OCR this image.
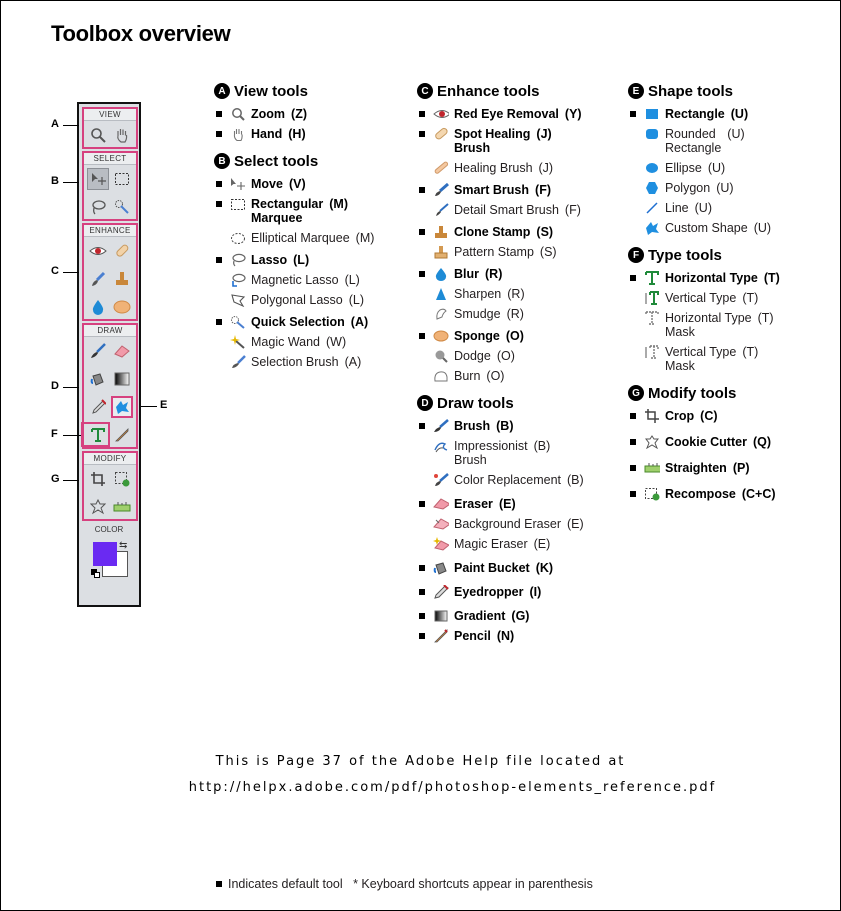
Toolbox overview
VIEW
SELECT
ENHANCE
DRAW
MODIFY
COLOR
⇆
A
B
C
D
E
F
G
A View tools
Zoom (Z)
Hand (H)
B Select tools
Move (V)
Rectangular
Marquee
(M)
Elliptical Marquee (M)
Lasso (L)
Magnetic Lasso (L)
Polygonal Lasso (L)
Quick Selection (A)
Magic Wand (W)
Selection Brush (A)
C Enhance tools
Red Eye Removal (Y)
Spot Healing
Brush
(J)
Healing Brush (J)
Smart Brush (F)
Detail Smart Brush (F)
Clone Stamp (S)
Pattern Stamp (S)
Blur (R)
Sharpen (R)
Smudge (R)
Sponge (O)
Dodge (O)
Burn (O)
D Draw tools
Brush (B)
Impressionist
Brush
(B)
Color Replacement (B)
Eraser (E)
Background Eraser (E)
Magic Eraser (E)
Paint Bucket (K)
Eyedropper (I)
Gradient (G)
Pencil (N)
E Shape tools
Rectangle (U)
Rounded
Rectangle
(U)
Ellipse (U)
Polygon (U)
Line (U)
Custom Shape (U)
F Type tools
Horizontal Type (T)
Vertical Type (T)
Horizontal Type
Mask
(T)
Vertical Type
Mask
(T)
G Modify tools
Crop (C)
Cookie Cutter (Q)
Straighten (P)
Recompose (C+C)
This is Page 37 of the Adobe Help file located at
http://helpx.adobe.com/pdf/photoshop-elements_reference.pdf
Indicates default tool * Keyboard shortcuts appear in parenthesis
